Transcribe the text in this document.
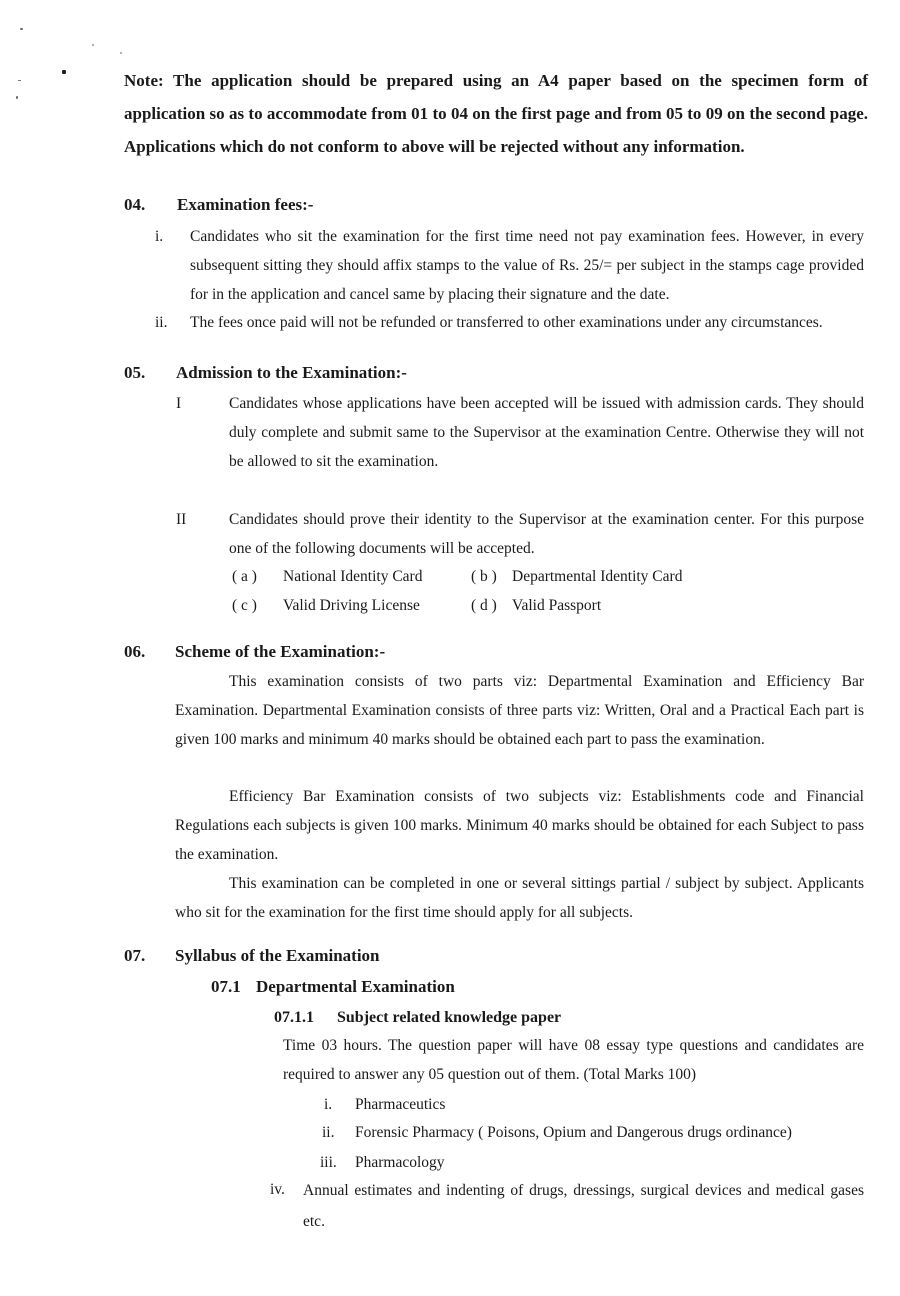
Note: The application should be prepared using an A4 paper based on the specimen form of application so as to accommodate from 01 to 04 on the first page and from 05 to 09 on the second page. Applications which do not conform to above will be rejected without any information.
04. Examination fees:-
i. Candidates who sit the examination for the first time need not pay examination fees. However, in every subsequent sitting they should affix stamps to the value of Rs. 25/= per subject in the stamps cage provided for in the application and cancel same by placing their signature and the date.
ii. The fees once paid will not be refunded or transferred to other examinations under any circumstances.
05. Admission to the Examination:-
I	Candidates whose applications have been accepted will be issued with admission cards. They should duly complete and submit same to the Supervisor at the examination Centre. Otherwise they will not be allowed to sit the examination.
II	Candidates should prove their identity to the Supervisor at the examination center. For this purpose one of the following documents will be accepted.
( a ) National Identity Card	( b ) Departmental Identity Card
( c ) Valid Driving License	( d ) Valid Passport
06. Scheme of the Examination:-
This examination consists of two parts viz: Departmental Examination and Efficiency Bar Examination. Departmental Examination consists of three parts viz: Written, Oral and a Practical Each part is given 100 marks and minimum 40 marks should be obtained each part to pass the examination.
Efficiency Bar Examination consists of two subjects viz: Establishments code and Financial Regulations each subjects is given 100 marks. Minimum 40 marks should be obtained for each Subject to pass the examination.
This examination can be completed in one or several sittings partial / subject by subject. Applicants who sit for the examination for the first time should apply for all subjects.
07. Syllabus of the Examination
07.1 Departmental Examination
07.1.1 Subject related knowledge paper
Time 03 hours. The question paper will have 08 essay type questions and candidates are required to answer any 05 question out of them. (Total Marks 100)
i. Pharmaceutics
ii. Forensic Pharmacy ( Poisons, Opium and Dangerous drugs ordinance)
iii. Pharmacology
iv. Annual estimates and indenting of drugs, dressings, surgical devices and medical gases etc.
